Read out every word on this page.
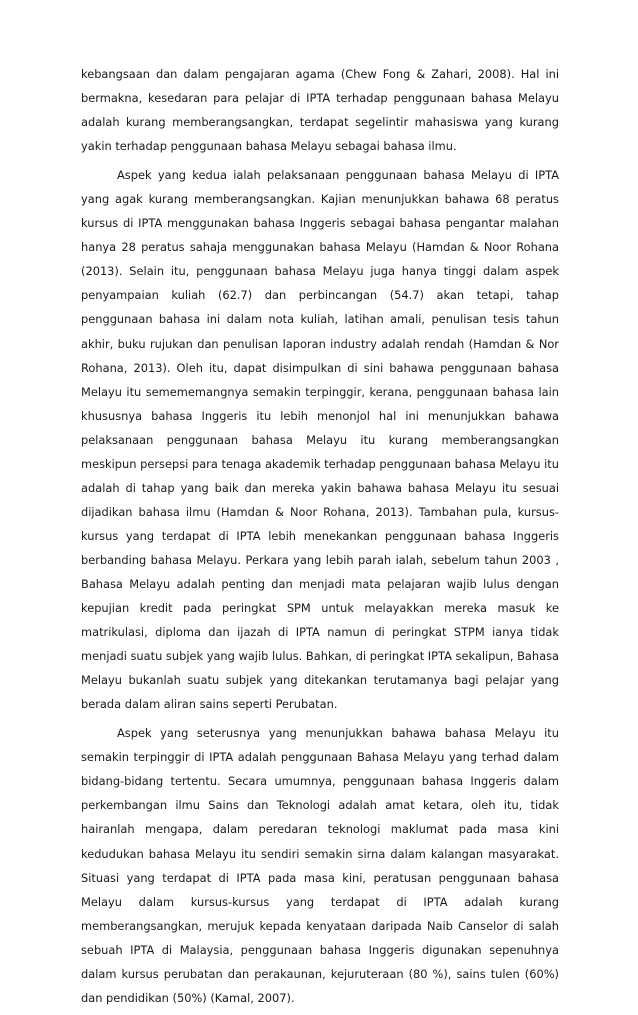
kebangsaan dan dalam pengajaran agama (Chew Fong & Zahari, 2008). Hal ini bermakna, kesedaran para pelajar di IPTA terhadap penggunaan bahasa Melayu adalah kurang memberangsangkan, terdapat segelintir mahasiswa yang kurang yakin terhadap penggunaan bahasa Melayu sebagai bahasa ilmu.

Aspek yang kedua ialah pelaksanaan penggunaan bahasa Melayu di IPTA yang agak kurang memberangsangkan. Kajian menunjukkan bahawa 68 peratus kursus di IPTA menggunakan bahasa Inggeris sebagai bahasa pengantar malahan hanya 28 peratus sahaja menggunakan bahasa Melayu (Hamdan & Noor Rohana (2013). Selain itu, penggunaan bahasa Melayu juga hanya tinggi dalam aspek penyampaian kuliah (62.7) dan perbincangan (54.7) akan tetapi, tahap penggunaan bahasa ini dalam nota kuliah, latihan amali, penulisan tesis tahun akhir, buku rujukan dan penulisan laporan industry adalah rendah (Hamdan & Nor Rohana, 2013). Oleh itu, dapat disimpulkan di sini bahawa penggunaan bahasa Melayu itu semememangnya semakin terpinggir, kerana, penggunaan bahasa lain khususnya bahasa Inggeris itu lebih menonjol hal ini menunjukkan bahawa pelaksanaan penggunaan bahasa Melayu itu kurang memberangsangkan meskipun persepsi para tenaga akademik terhadap penggunaan bahasa Melayu itu adalah di tahap yang baik dan mereka yakin bahawa bahasa Melayu itu sesuai dijadikan bahasa ilmu (Hamdan & Noor Rohana, 2013). Tambahan pula, kursus-kursus yang terdapat di IPTA lebih menekankan penggunaan bahasa Inggeris berbanding bahasa Melayu. Perkara yang lebih parah ialah, sebelum tahun 2003 , Bahasa Melayu adalah penting dan menjadi mata pelajaran wajib lulus dengan kepujian kredit pada peringkat SPM untuk melayakkan mereka masuk ke matrikulasi, diploma dan ijazah di IPTA namun di peringkat STPM ianya tidak menjadi suatu subjek yang wajib lulus. Bahkan, di peringkat IPTA sekalipun, Bahasa Melayu bukanlah suatu subjek yang ditekankan terutamanya bagi pelajar yang berada dalam aliran sains seperti Perubatan.

Aspek yang seterusnya yang menunjukkan bahawa bahasa Melayu itu semakin terpinggir di IPTA adalah penggunaan Bahasa Melayu yang terhad dalam bidang-bidang tertentu. Secara umumnya, penggunaan bahasa Inggeris dalam perkembangan ilmu Sains dan Teknologi adalah amat ketara, oleh itu, tidak hairanlah mengapa, dalam peredaran teknologi maklumat pada masa kini kedudukan bahasa Melayu itu sendiri semakin sirna dalam kalangan masyarakat. Situasi yang terdapat di IPTA pada masa kini, peratusan penggunaan bahasa Melayu dalam kursus-kursus yang terdapat di IPTA adalah kurang memberangsangkan, merujuk kepada kenyataan daripada Naib Canselor di salah sebuah IPTA di Malaysia, penggunaan bahasa Inggeris digunakan sepenuhnya dalam kursus perubatan dan perakaunan, kejuruteraan (80 %), sains tulen (60%) dan pendidikan (50%) (Kamal, 2007).
